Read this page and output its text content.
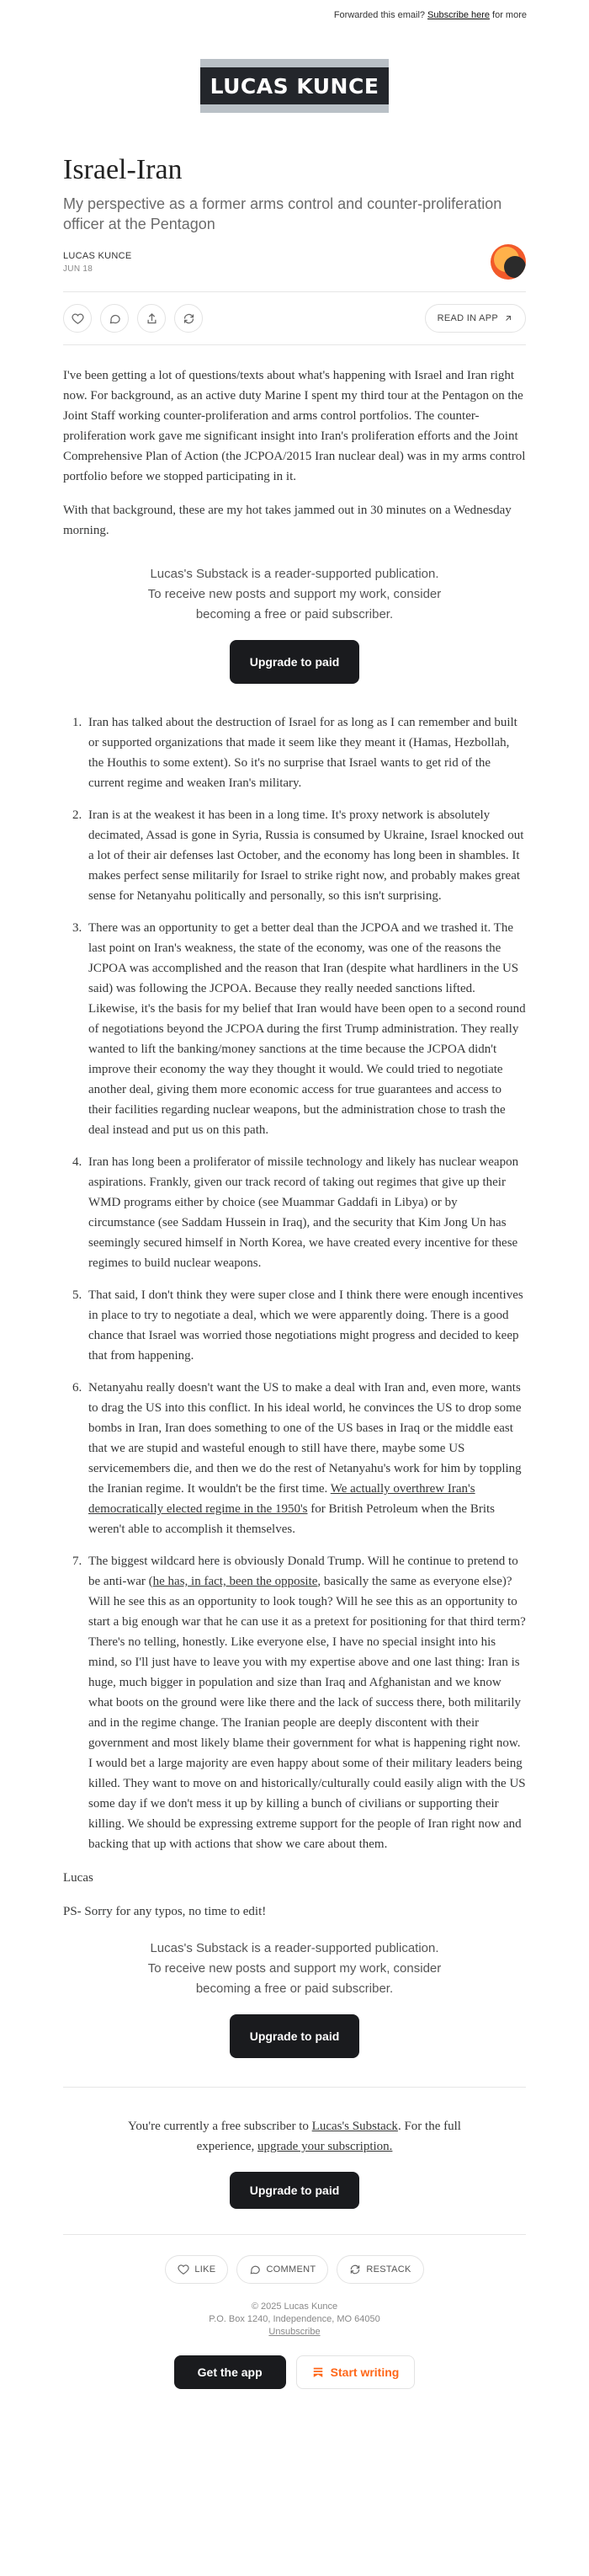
Forwarded this email? Subscribe here for more
LUCAS KUNCE
Israel-Iran
My perspective as a former arms control and counter-proliferation officer at the Pentagon
LUCAS KUNCE
JUN 18
READ IN APP

I've been getting a lot of questions/texts about what's happening with Israel and Iran right now. For background, as an active duty Marine I spent my third tour at the Pentagon on the Joint Staff working counter-proliferation and arms control portfolios. The counter-proliferation work gave me significant insight into Iran's proliferation efforts and the Joint Comprehensive Plan of Action (the JCPOA/2015 Iran nuclear deal) was in my arms control portfolio before we stopped participating in it.

With that background, these are my hot takes jammed out in 30 minutes on a Wednesday morning.

Lucas's Substack is a reader-supported publication. To receive new posts and support my work, consider becoming a free or paid subscriber.
Upgrade to paid
1. Iran has talked about the destruction of Israel for as long as I can remember and built or supported organizations that made it seem like they meant it (Hamas, Hezbollah, the Houthis to some extent). So it's no surprise that Israel wants to get rid of the current regime and weaken Iran's military.
2. Iran is at the weakest it has been in a long time. It's proxy network is absolutely decimated, Assad is gone in Syria, Russia is consumed by Ukraine, Israel knocked out a lot of their air defenses last October, and the economy has long been in shambles. It makes perfect sense militarily for Israel to strike right now, and probably makes great sense for Netanyahu politically and personally, so this isn't surprising.
3. There was an opportunity to get a better deal than the JCPOA and we trashed it. The last point on Iran's weakness, the state of the economy, was one of the reasons the JCPOA was accomplished and the reason that Iran (despite what hardliners in the US said) was following the JCPOA. Because they really needed sanctions lifted. Likewise, it's the basis for my belief that Iran would have been open to a second round of negotiations beyond the JCPOA during the first Trump administration. They really wanted to lift the banking/money sanctions at the time because the JCPOA didn't improve their economy the way they thought it would. We could tried to negotiate another deal, giving them more economic access for true guarantees and access to their facilities regarding nuclear weapons, but the administration chose to trash the deal instead and put us on this path.
4. Iran has long been a proliferator of missile technology and likely has nuclear weapon aspirations. Frankly, given our track record of taking out regimes that give up their WMD programs either by choice (see Muammar Gaddafi in Libya) or by circumstance (see Saddam Hussein in Iraq), and the security that Kim Jong Un has seemingly secured himself in North Korea, we have created every incentive for these regimes to build nuclear weapons.
5. That said, I don't think they were super close and I think there were enough incentives in place to try to negotiate a deal, which we were apparently doing. There is a good chance that Israel was worried those negotiations might progress and decided to keep that from happening.
6. Netanyahu really doesn't want the US to make a deal with Iran and, even more, wants to drag the US into this conflict. In his ideal world, he convinces the US to drop some bombs in Iran, Iran does something to one of the US bases in Iraq or the middle east that we are stupid and wasteful enough to still have there, maybe some US servicemembers die, and then we do the rest of Netanyahu's work for him by toppling the Iranian regime. It wouldn't be the first time. We actually overthrew Iran's democratically elected regime in the 1950's for British Petroleum when the Brits weren't able to accomplish it themselves.
7. The biggest wildcard here is obviously Donald Trump. Will he continue to pretend to be anti-war (he has, in fact, been the opposite, basically the same as everyone else)? Will he see this as an opportunity to look tough? Will he see this as an opportunity to start a big enough war that he can use it as a pretext for positioning for that third term? There's no telling, honestly. Like everyone else, I have no special insight into his mind, so I'll just have to leave you with my expertise above and one last thing: Iran is huge, much bigger in population and size than Iraq and Afghanistan and we know what boots on the ground were like there and the lack of success there, both militarily and in the regime change. The Iranian people are deeply discontent with their government and most likely blame their government for what is happening right now. I would bet a large majority are even happy about some of their military leaders being killed. They want to move on and historically/culturally could easily align with the US some day if we don't mess it up by killing a bunch of civilians or supporting their killing. We should be expressing extreme support for the people of Iran right now and backing that up with actions that show we care about them.

Lucas

PS- Sorry for any typos, no time to edit!

Lucas's Substack is a reader-supported publication. To receive new posts and support my work, consider becoming a free or paid subscriber.
Upgrade to paid
You're currently a free subscriber to Lucas's Substack. For the full experience, upgrade your subscription.
Upgrade to paid
LIKE	COMMENT	RESTACK
© 2025 Lucas Kunce
P.O. Box 1240, Independence, MO 64050
Unsubscribe
Get the app	Start writing
